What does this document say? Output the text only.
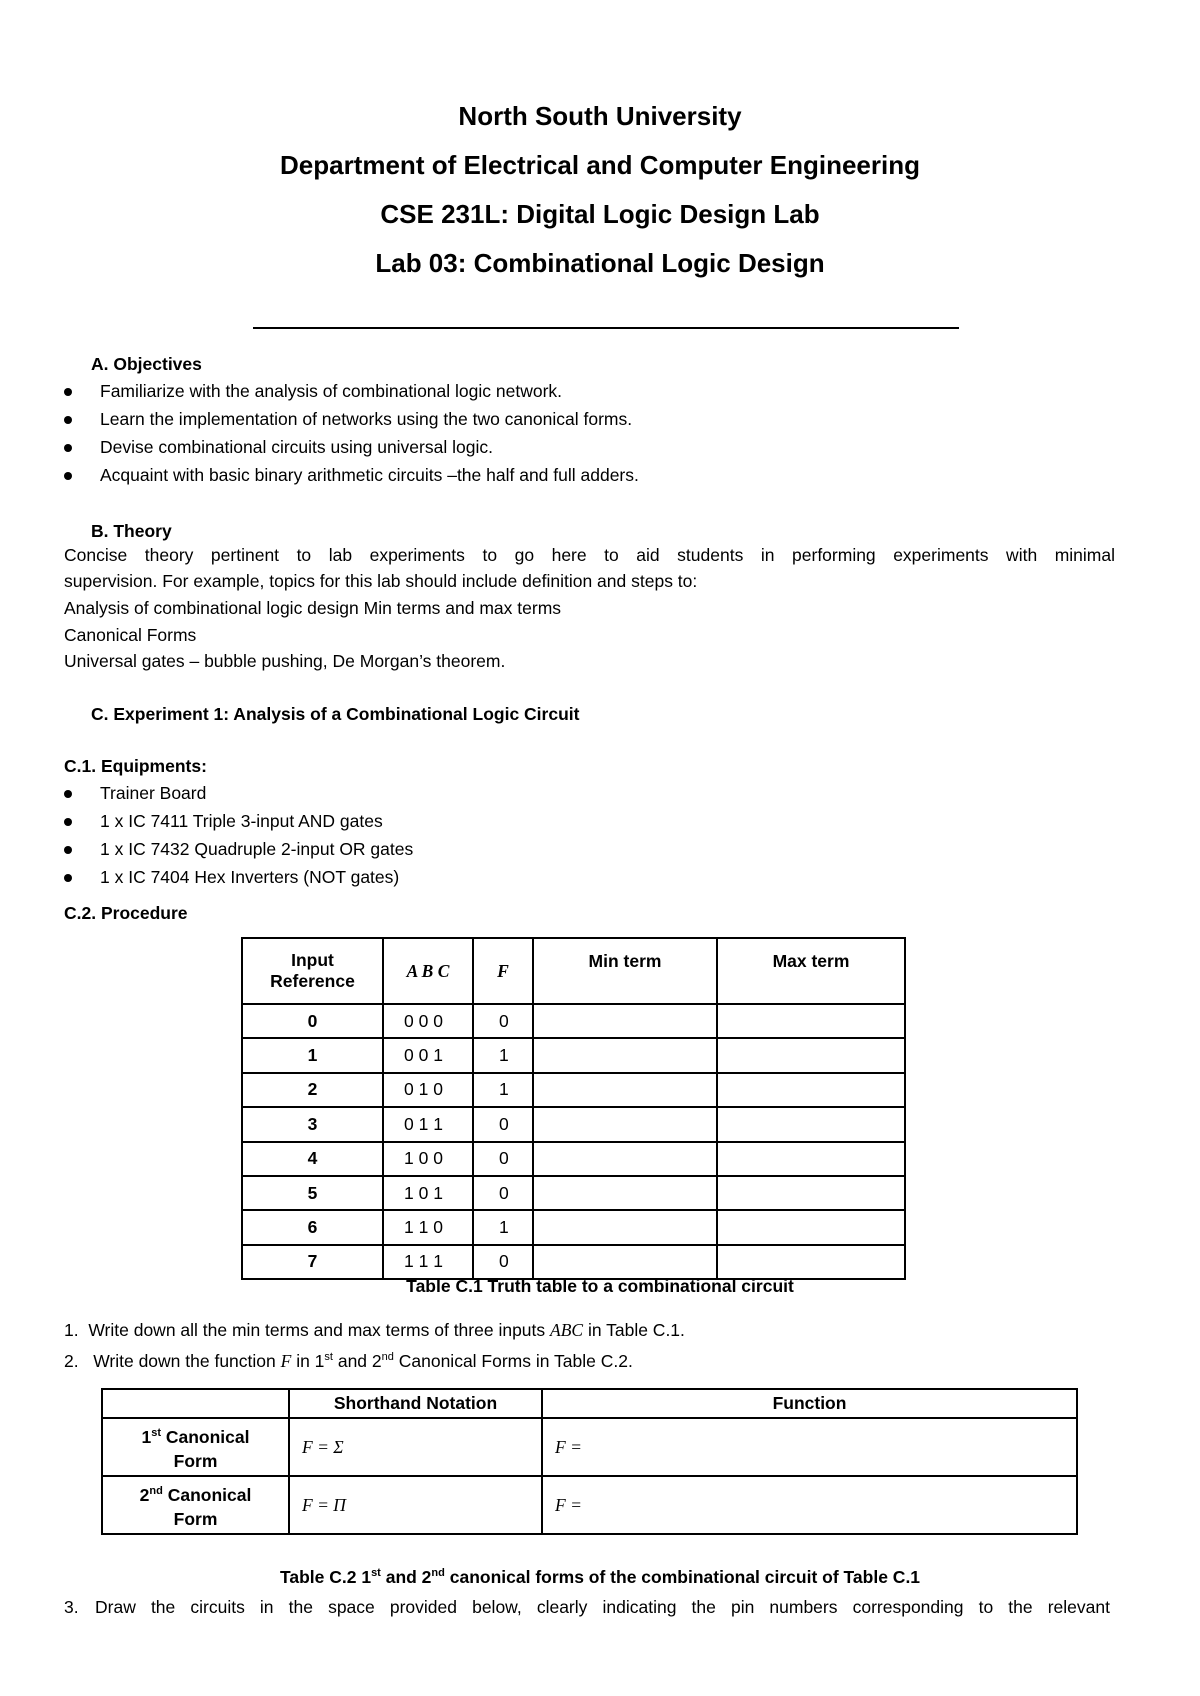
North South University
Department of Electrical and Computer Engineering
CSE 231L: Digital Logic Design Lab
Lab 03: Combinational Logic Design
A. Objectives
Familiarize with the analysis of combinational logic network.
Learn the implementation of networks using the two canonical forms.
Devise combinational circuits using universal logic.
Acquaint with basic binary arithmetic circuits –the half and full adders.
B. Theory
Concise theory pertinent to lab experiments to go here to aid students in performing experiments with minimal
supervision. For example, topics for this lab should include definition and steps to:
Analysis of combinational logic design Min terms and max terms
Canonical Forms
Universal gates – bubble pushing, De Morgan’s theorem.
C. Experiment 1: Analysis of a Combinational Logic Circuit
C.1. Equipments:
Trainer Board
1 x IC 7411 Triple 3-input AND gates
1 x IC 7432 Quadruple 2-input OR gates
1 x IC 7404 Hex Inverters (NOT gates)
C.2. Procedure
Input
Reference	A B C	F	Min term	Max term
0	0 0 0	0		
1	0 0 1	1		
2	0 1 0	1		
3	0 1 1	0		
4	1 0 0	0		
5	1 0 1	0		
6	1 1 0	1		
7	1 1 1	0		
Table C.1 Truth table to a combinational circuit
1. Write down all the min terms and max terms of three inputs ABC in Table C.1.
2. Write down the function F in 1st and 2nd Canonical Forms in Table C.2.
	Shorthand Notation	Function
1st Canonical
Form	F = Σ	F =
2nd Canonical
Form	F = Π	F =
Table C.2 1st and 2nd canonical forms of the combinational circuit of Table C.1
3. Draw the circuits in the space provided below, clearly indicating the pin numbers corresponding to the relevant
